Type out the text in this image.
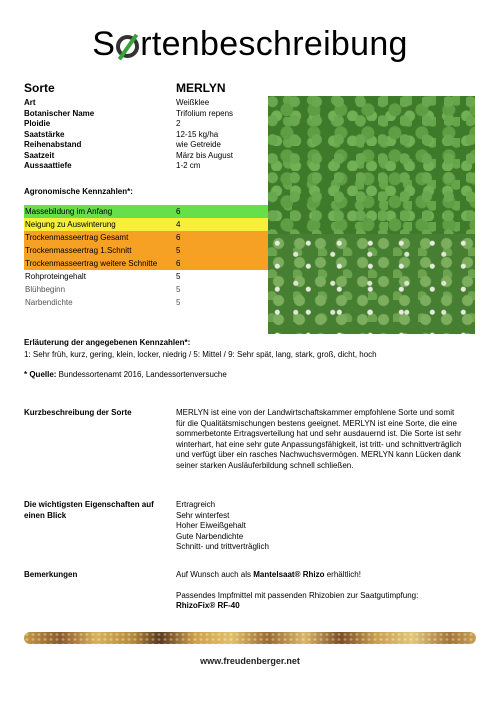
S rtenbeschreibung
Sorte	MERLYN
Art	Weißklee
Botanischer Name	Trifolium repens
Ploidie	2
Saatstärke	12-15 kg/ha
Reihenabstand	wie Getreide
Saatzeit	März bis August
Aussaattiefe	1-2 cm
Agronomische Kennzahlen*:
Massebildung im Anfang	6
Neigung zu Auswinterung	4
Trockenmasseertrag Gesamt	6
Trockenmasseertrag 1.Schnitt	5
Trockenmasseertrag weitere Schnitte 6
Rohproteingehalt	5
Blühbeginn	5
Narbendichte	5
Erläuterung der angegebenen Kennzahlen*:
1: Sehr früh, kurz, gering, klein, locker, niedrig / 5: Mittel / 9: Sehr spät, lang, stark, groß, dicht, hoch
* Quelle: Bundessortenamt 2016, Landessortenversuche
Kurzbeschreibung der Sorte	MERLYN ist eine von der Landwirtschaftskammer empfohlene Sorte und somit
für die Qualitätsmischungen bestens geeignet. MERLYN ist eine Sorte, die eine
sommerbetonte Ertragsverteilung hat und sehr ausdauernd ist. Die Sorte ist sehr
winterhart, hat eine sehr gute Anpassungsfähigkeit, ist tritt- und schnittverträglich
und verfügt über ein rasches Nachwuchsvermögen. MERLYN kann Lücken dank
seiner starken Ausläuferbildung schnell schließen.
Die wichtigsten Eigenschaften auf
einen Blick
Ertragreich
Sehr winterfest
Hoher Eiweißgehalt
Gute Narbendichte
Schnitt- und trittverträglich
Bemerkungen	Auf Wunsch auch als Mantelsaat® Rhizo erhältlich!
Passendes Impfmittel mit passenden Rhizobien zur Saatgutimpfung:
RhizoFix® RF-40
www.freudenberger.net
